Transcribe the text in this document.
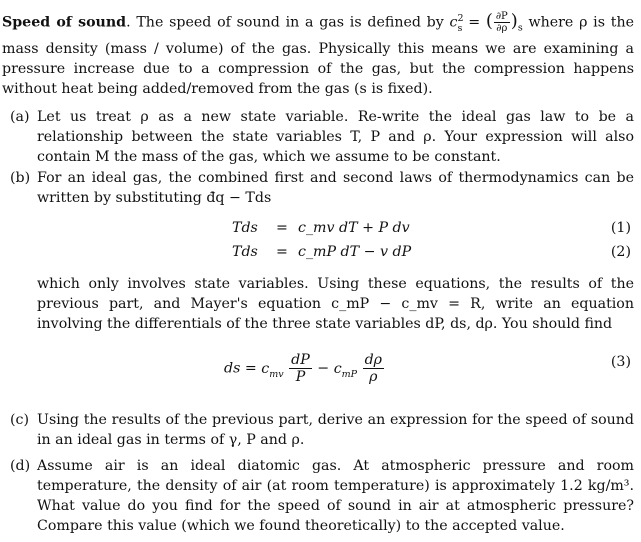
Speed of sound. The speed of sound in a gas is defined by $c^2_s$ = ( $\frac{\partial P}{\partial\rho} )_s$ where ρ is the mass density (mass / volume) of the gas. Physically this means we are examining a pressure increase due to a compression of the gas, but the compression happens without heat being added/removed from the gas (s is fixed).
(a) Let us treat ρ as a new state variable. Re-write the ideal gas law to be a relationship between the state variables T, P and ρ. Your expression will also contain M the mass of the gas, which we assume to be constant.
(b) For an ideal gas, the combined first and second laws of thermodynamics can be written by substituting đq − Tds
Tds = c_mv dT + P dv	(1)
Tds = c_mP dT − v dP	(2)
which only involves state variables. Using these equations, the results of the previous part, and Mayer's equation c_mP − c_mv = R, write an equation involving the differentials of the three state variables dP, ds, dρ. You should find
ds = $c_{mv} \frac{dP}{P} - c_{mP} \frac{d\rho}{\rho}$	(3)
(c) Using the results of the previous part, derive an expression for the speed of sound in an ideal gas in terms of γ, P and ρ.
(d) Assume air is an ideal diatomic gas. At atmospheric pressure and room temperature, the density of air (at room temperature) is approximately 1.2 kg/m³. What value do you find for the speed of sound in air at atmospheric pressure? Compare this value (which we found theoretically) to the accepted value.
